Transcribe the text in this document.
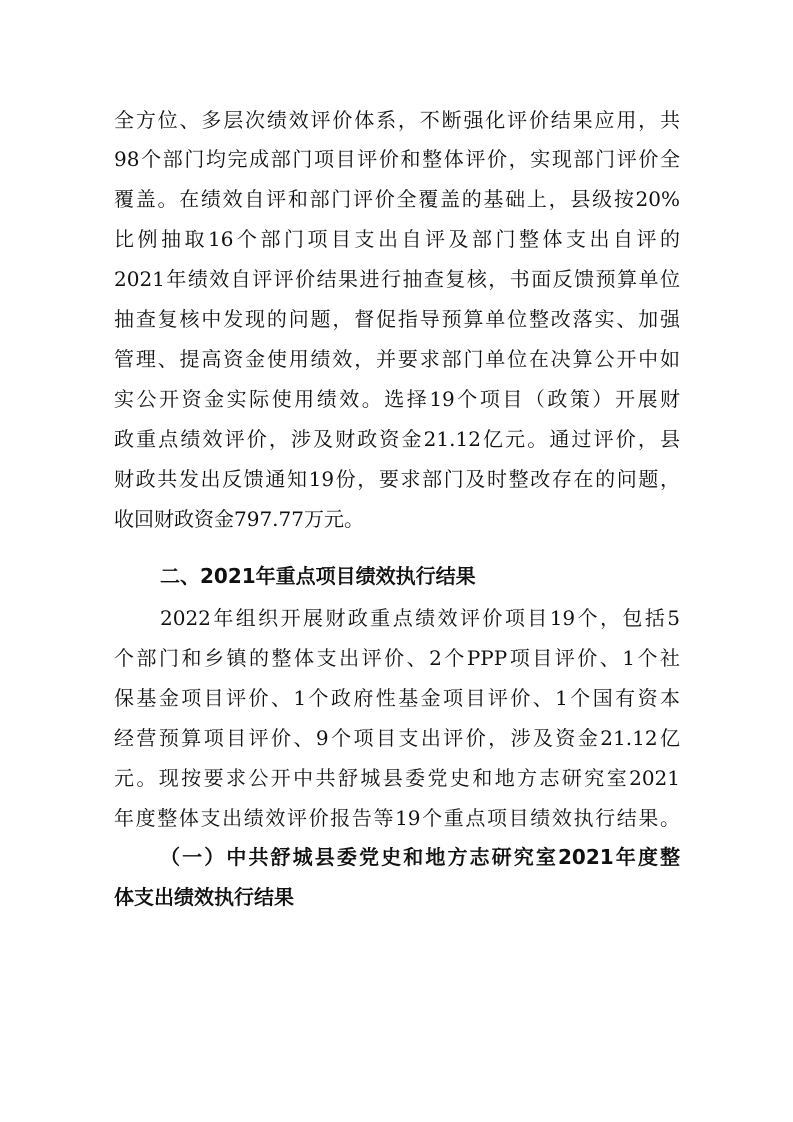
全方位、多层次绩效评价体系，不断强化评价结果应用，共
98个部门均完成部门项目评价和整体评价，实现部门评价全
覆盖。在绩效自评和部门评价全覆盖的基础上，县级按20%
比例抽取16个部门项目支出自评及部门整体支出自评的
2021年绩效自评评价结果进行抽查复核，书面反馈预算单位
抽查复核中发现的问题，督促指导预算单位整改落实、加强
管理、提高资金使用绩效，并要求部门单位在决算公开中如
实公开资金实际使用绩效。选择19个项目（政策）开展财
政重点绩效评价，涉及财政资金21.12亿元。通过评价，县
财政共发出反馈通知19份，要求部门及时整改存在的问题，
收回财政资金797.77万元。
二、2021年重点项目绩效执行结果
2022年组织开展财政重点绩效评价项目19个，包括5
个部门和乡镇的整体支出评价、2个PPP项目评价、1个社
保基金项目评价、1个政府性基金项目评价、1个国有资本
经营预算项目评价、9个项目支出评价，涉及资金21.12亿
元。现按要求公开中共舒城县委党史和地方志研究室2021
年度整体支出绩效评价报告等19个重点项目绩效执行结果。
（一）中共舒城县委党史和地方志研究室2021年度整
体支出绩效执行结果
